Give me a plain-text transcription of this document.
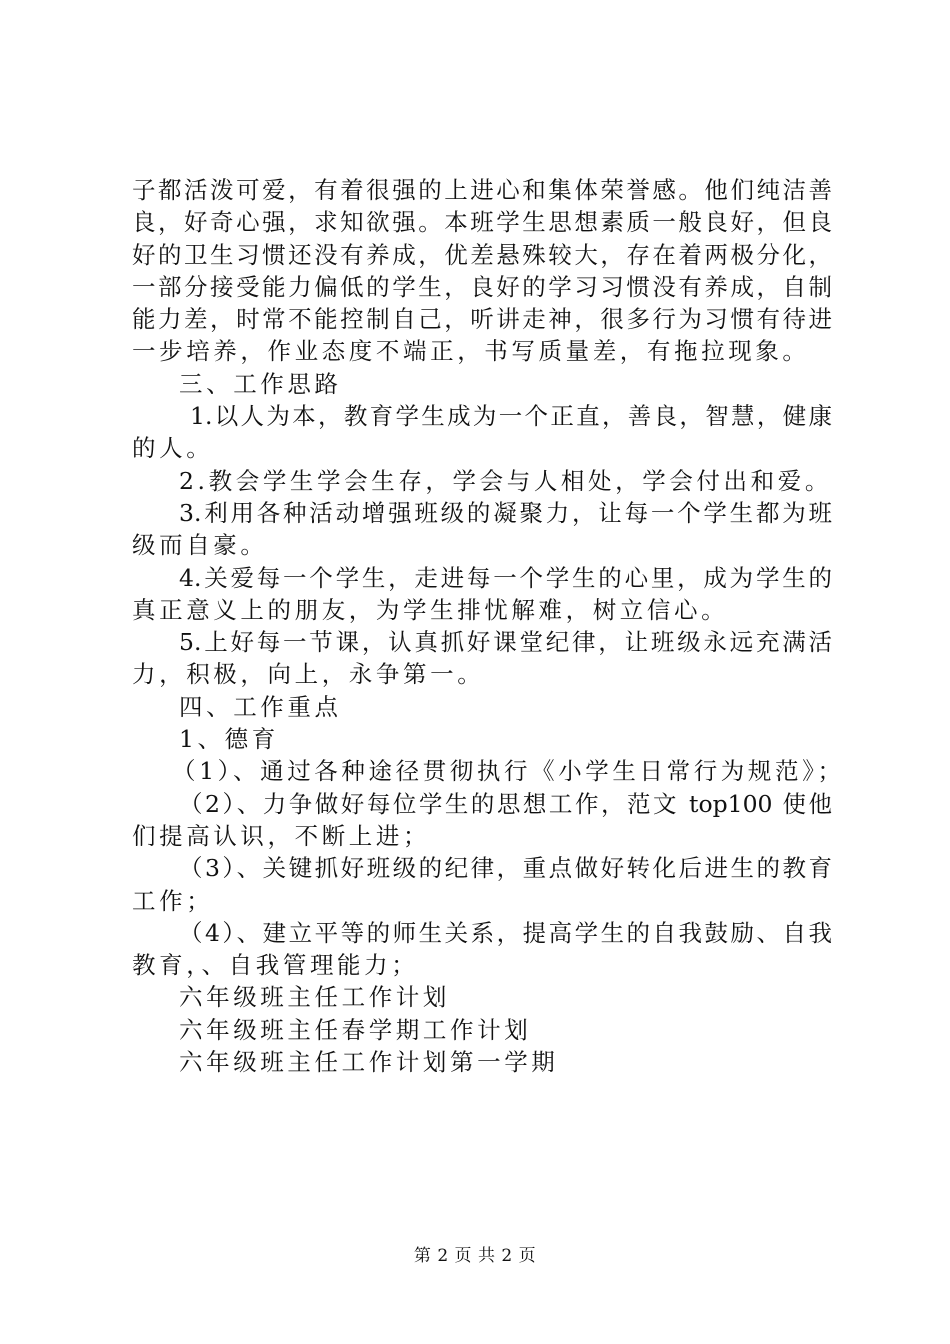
子都活泼可爱，有着很强的上进心和集体荣誉感。他们纯洁善
良，好奇心强，求知欲强。本班学生思想素质一般良好，但良
好的卫生习惯还没有养成，优差悬殊较大，存在着两极分化，
一部分接受能力偏低的学生，良好的学习习惯没有养成，自制
能力差，时常不能控制自己，听讲走神，很多行为习惯有待进
一步培养，作业态度不端正，书写质量差，有拖拉现象。
三、工作思路
1.以人为本，教育学生成为一个正直，善良，智慧，健康
的人。
2.教会学生学会生存，学会与人相处，学会付出和爱。
3.利用各种活动增强班级的凝聚力，让每一个学生都为班
级而自豪。
4.关爱每一个学生，走进每一个学生的心里，成为学生的
真正意义上的朋友，为学生排忧解难，树立信心。
5.上好每一节课，认真抓好课堂纪律，让班级永远充满活
力，积极，向上，永争第一。
四、工作重点
1、德育
（1）、通过各种途径贯彻执行《小学生日常行为规范》；
（2）、力争做好每位学生的思想工作，范文 top100 使他
们提高认识，不断上进；
（3）、关键抓好班级的纪律，重点做好转化后进生的教育
工作；
（4）、建立平等的师生关系，提高学生的自我鼓励、自我
教育，、自我管理能力；
六年级班主任工作计划
六年级班主任春学期工作计划
六年级班主任工作计划第一学期
第 2 页 共 2 页
